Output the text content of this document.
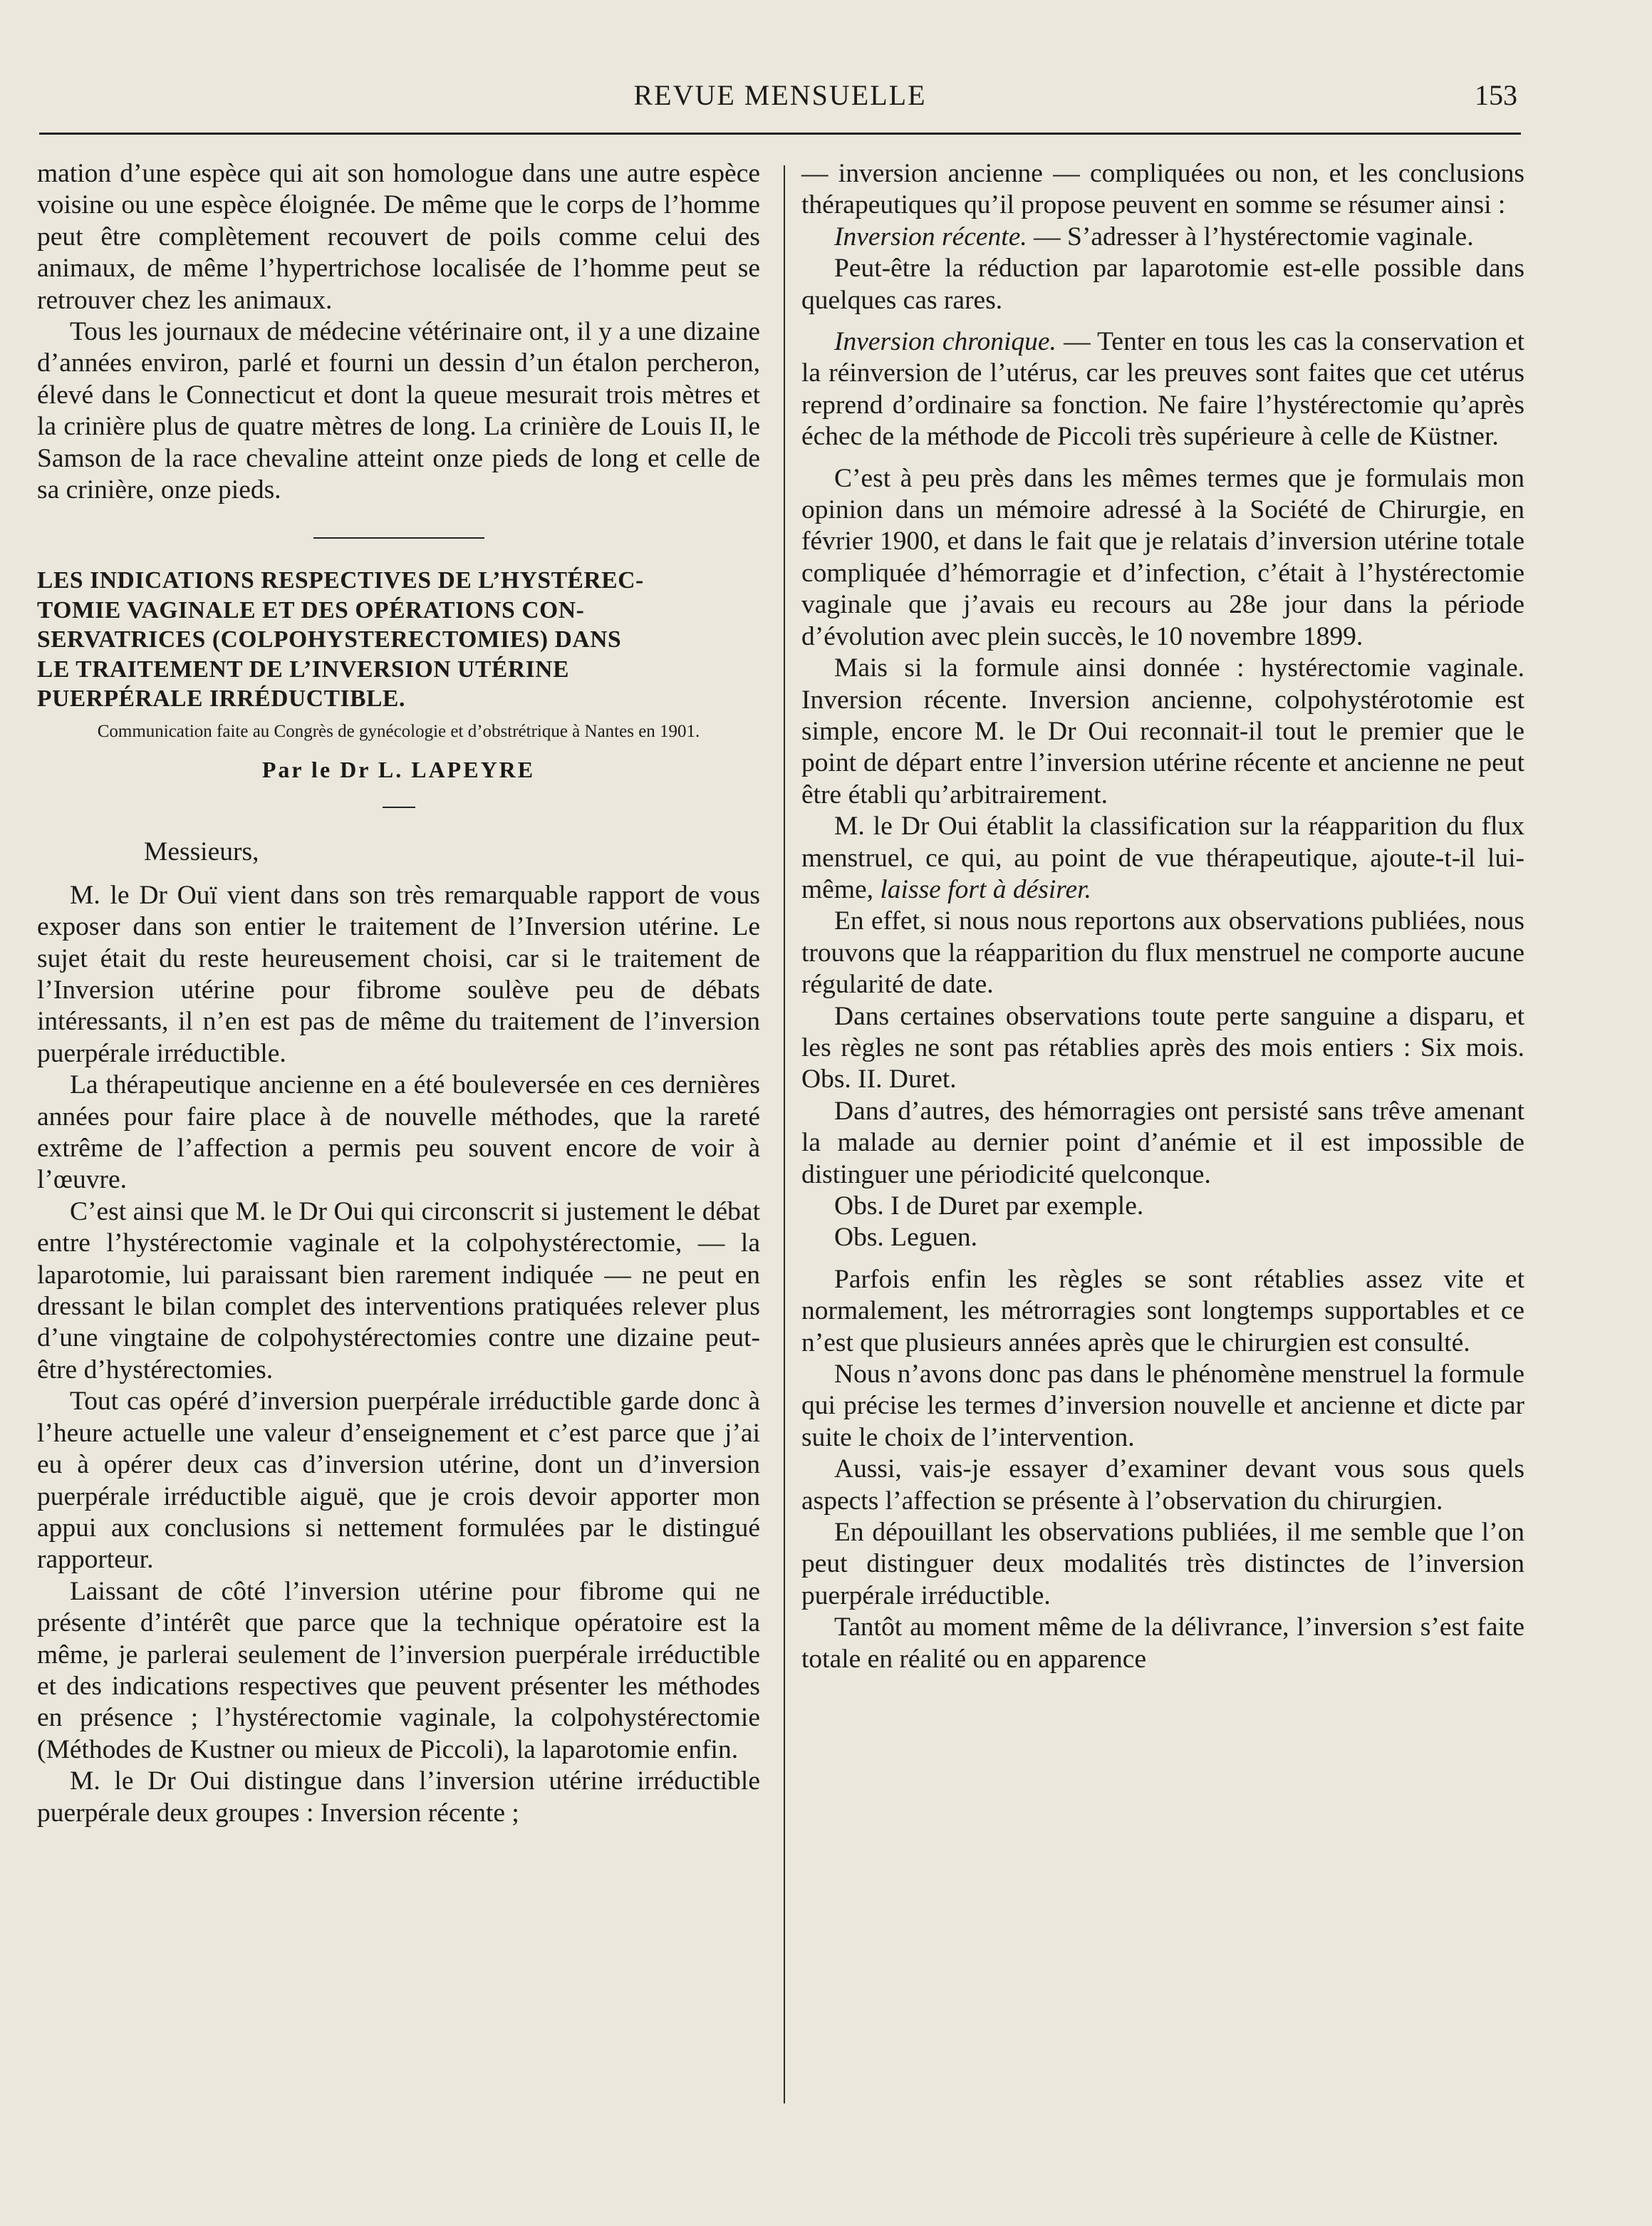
REVUE MENSUELLE	153

mation d’une espèce qui ait son homologue dans une autre espèce voisine ou une espèce éloignée. De même que le corps de l’homme peut être complètement recouvert de poils comme celui des animaux, de même l’hypertrichose localisée de l’homme peut se retrouver chez les animaux.

Tous les journaux de médecine vétérinaire ont, il y a une dizaine d’années environ, parlé et fourni un dessin d’un étalon percheron, élevé dans le Connecticut et dont la queue mesurait trois mètres et la crinière plus de quatre mètres de long. La crinière de Louis II, le Samson de la race chevaline atteint onze pieds de long et celle de sa crinière, onze pieds.

LES INDICATIONS RESPECTIVES DE L’HYSTÉREC-
TOMIE VAGINALE ET DES OPÉRATIONS CON-
SERVATRICES (COLPOHYSTERECTOMIES) DANS
LE TRAITEMENT DE L’INVERSION UTÉRINE
PUERPÉRALE IRRÉDUCTIBLE.
Communication faite au Congrès de gynécologie et d’obstrétrique à Nantes en 1901.
Par le Dr L. LAPEYRE

Messieurs,

M. le Dr Ouï vient dans son très remarquable rapport de vous exposer dans son entier le traitement de l’Inversion utérine. Le sujet était du reste heureusement choisi, car si le traitement de l’Inversion utérine pour fibrome soulève peu de débats intéressants, il n’en est pas de même du traitement de l’inversion puerpérale irréductible.

La thérapeutique ancienne en a été bouleversée en ces dernières années pour faire place à de nouvelle méthodes, que la rareté extrême de l’affection a permis peu souvent encore de voir à l’œuvre.

C’est ainsi que M. le Dr Oui qui circonscrit si justement le débat entre l’hystérectomie vaginale et la colpohystérectomie, — la laparotomie, lui paraissant bien rarement indiquée — ne peut en dressant le bilan complet des interventions pratiquées relever plus d’une vingtaine de colpohystérectomies contre une dizaine peut-être d’hystérectomies.

Tout cas opéré d’inversion puerpérale irréductible garde donc à l’heure actuelle une valeur d’enseignement et c’est parce que j’ai eu à opérer deux cas d’inversion utérine, dont un d’inversion puerpérale irréductible aiguë, que je crois devoir apporter mon appui aux conclusions si nettement formulées par le distingué rapporteur.

Laissant de côté l’inversion utérine pour fibrome qui ne présente d’intérêt que parce que la technique opératoire est la même, je parlerai seulement de l’inversion puerpérale irréductible et des indications respectives que peuvent présenter les méthodes en présence ; l’hystérectomie vaginale, la colpohystérectomie (Méthodes de Kustner ou mieux de Piccoli), la laparotomie enfin.

M. le Dr Oui distingue dans l’inversion utérine irréductible puerpérale deux groupes : Inversion récente ;

— inversion ancienne — compliquées ou non, et les conclusions thérapeutiques qu’il propose peuvent en somme se résumer ainsi :

Inversion récente. — S’adresser à l’hystérectomie vaginale.

Peut-être la réduction par laparotomie est-elle possible dans quelques cas rares.

Inversion chronique. — Tenter en tous les cas la conservation et la réinversion de l’utérus, car les preuves sont faites que cet utérus reprend d’ordinaire sa fonction. Ne faire l’hystérectomie qu’après échec de la méthode de Piccoli très supérieure à celle de Küstner.

C’est à peu près dans les mêmes termes que je formulais mon opinion dans un mémoire adressé à la Société de Chirurgie, en février 1900, et dans le fait que je relatais d’inversion utérine totale compliquée d’hémorragie et d’infection, c’était à l’hystérectomie vaginale que j’avais eu recours au 28e jour dans la période d’évolution avec plein succès, le 10 novembre 1899.

Mais si la formule ainsi donnée : hystérectomie vaginale. Inversion récente. Inversion ancienne, colpohystérotomie est simple, encore M. le Dr Oui reconnait-il tout le premier que le point de départ entre l’inversion utérine récente et ancienne ne peut être établi qu’arbitrairement.

M. le Dr Oui établit la classification sur la réapparition du flux menstruel, ce qui, au point de vue thérapeutique, ajoute-t-il lui-même, laisse fort à désirer.

En effet, si nous nous reportons aux observations publiées, nous trouvons que la réapparition du flux menstruel ne comporte aucune régularité de date.

Dans certaines observations toute perte sanguine a disparu, et les règles ne sont pas rétablies après des mois entiers : Six mois. Obs. II. Duret.

Dans d’autres, des hémorragies ont persisté sans trêve amenant la malade au dernier point d’anémie et il est impossible de distinguer une périodicité quelconque.

Obs. I de Duret par exemple.

Obs. Leguen.

Parfois enfin les règles se sont rétablies assez vite et normalement, les métrorragies sont longtemps supportables et ce n’est que plusieurs années après que le chirurgien est consulté.

Nous n’avons donc pas dans le phénomène menstruel la formule qui précise les termes d’inversion nouvelle et ancienne et dicte par suite le choix de l’intervention.

Aussi, vais-je essayer d’examiner devant vous sous quels aspects l’affection se présente à l’observation du chirurgien.

En dépouillant les observations publiées, il me semble que l’on peut distinguer deux modalités très distinctes de l’inversion puerpérale irréductible.

Tantôt au moment même de la délivrance, l’inversion s’est faite totale en réalité ou en apparence
